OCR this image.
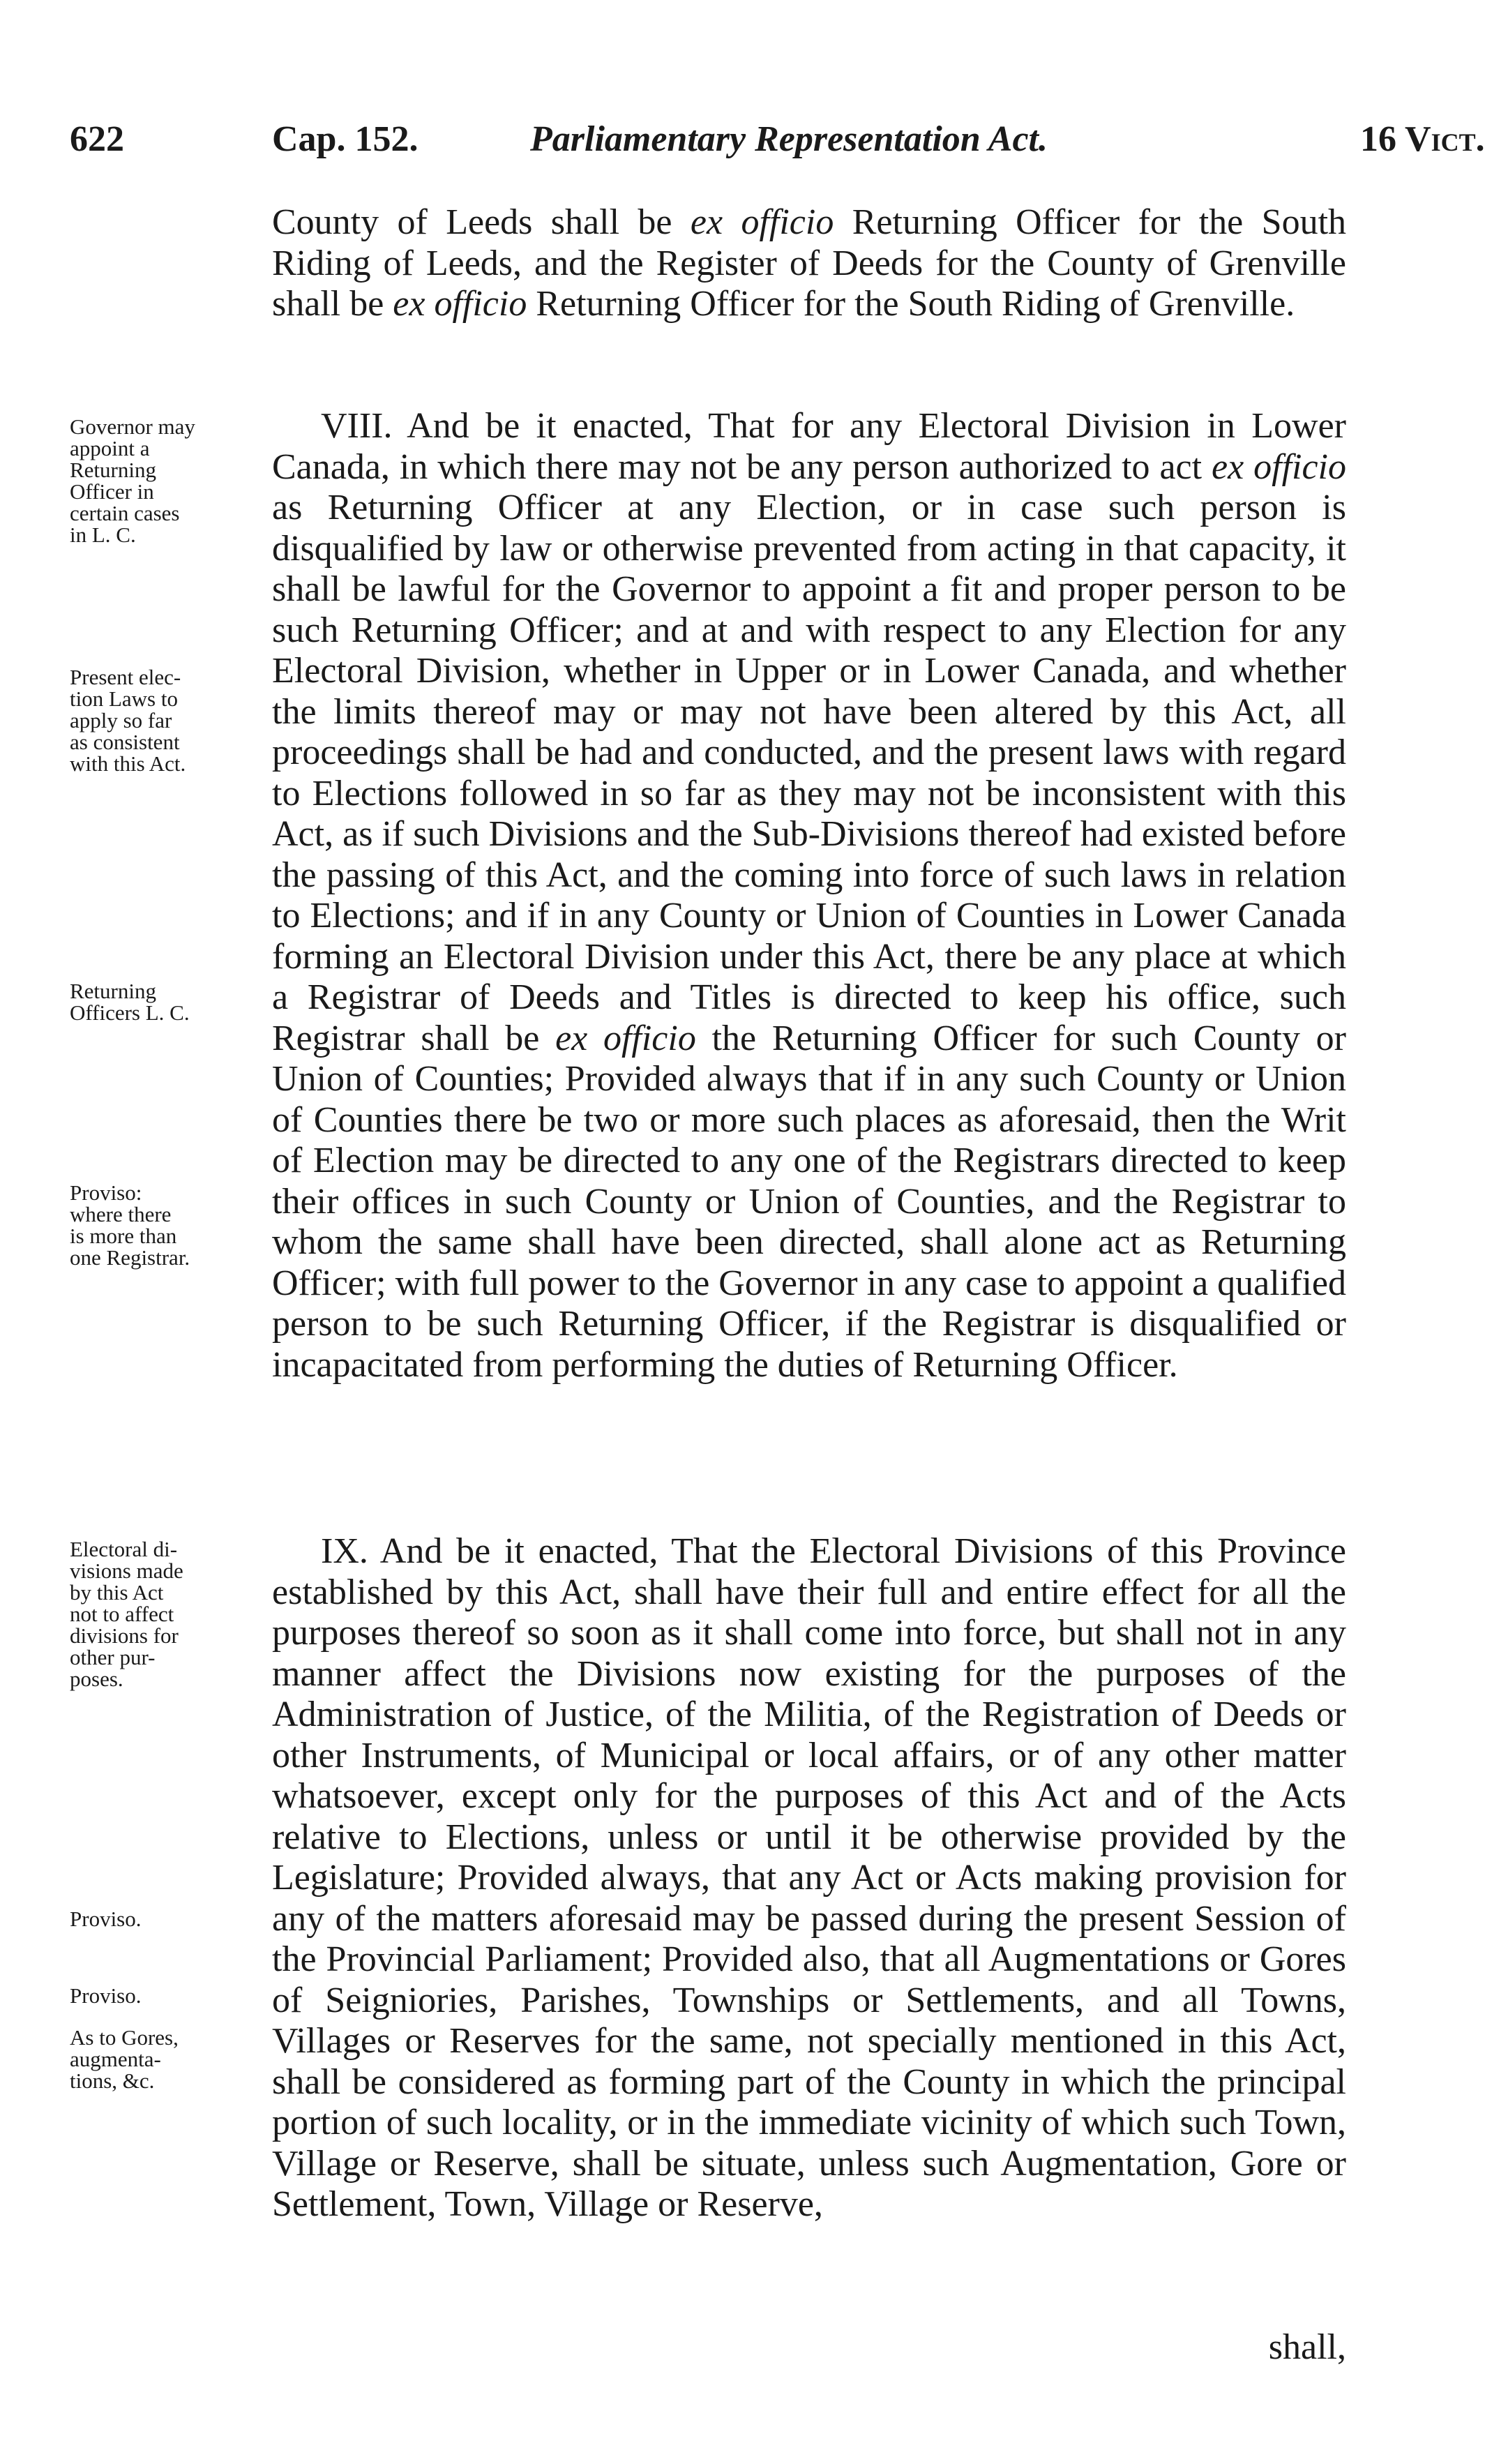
622	Cap. 152.	Parliamentary Representation Act.	16 Vict.

County of Leeds shall be ex officio Returning Officer for the South Riding of Leeds, and the Register of Deeds for the County of Grenville shall be ex officio Returning Officer for the South Riding of Grenville.

VIII. And be it enacted, That for any Electoral Division in Lower Canada, in which there may not be any person authorized to act ex officio as Returning Officer at any Election, or in case such person is disqualified by law or otherwise prevented from acting in that capacity, it shall be lawful for the Governor to appoint a fit and proper person to be such Returning Officer; and at and with respect to any Election for any Electoral Division, whether in Upper or in Lower Canada, and whether the limits thereof may or may not have been altered by this Act, all proceedings shall be had and conducted, and the present laws with regard to Elections followed in so far as they may not be inconsistent with this Act, as if such Divisions and the Sub-Divisions thereof had existed before the passing of this Act, and the coming into force of such laws in relation to Elections; and if in any County or Union of Counties in Lower Canada forming an Electoral Division under this Act, there be any place at which a Registrar of Deeds and Titles is directed to keep his office, such Registrar shall be ex officio the Returning Officer for such County or Union of Counties; Provided always that if in any such County or Union of Counties there be two or more such places as aforesaid, then the Writ of Election may be directed to any one of the Registrars directed to keep their offices in such County or Union of Counties, and the Registrar to whom the same shall have been directed, shall alone act as Returning Officer; with full power to the Governor in any case to appoint a qualified person to be such Returning Officer, if the Registrar is disqualified or incapacitated from performing the duties of Returning Officer.

IX. And be it enacted, That the Electoral Divisions of this Province established by this Act, shall have their full and entire effect for all the purposes thereof so soon as it shall come into force, but shall not in any manner affect the Divisions now existing for the purposes of the Administration of Justice, of the Militia, of the Registration of Deeds or other Instruments, of Municipal or local affairs, or of any other matter whatsoever, except only for the purposes of this Act and of the Acts relative to Elections, unless or until it be otherwise provided by the Legislature; Provided always, that any Act or Acts making provision for any of the matters aforesaid may be passed during the present Session of the Provincial Parliament; Provided also, that all Augmentations or Gores of Seigniories, Parishes, Townships or Settlements, and all Towns, Villages or Reserves for the same, not specially mentioned in this Act, shall be considered as forming part of the County in which the principal portion of such locality, or in the immediate vicinity of which such Town, Village or Reserve, shall be situate, unless such Augmentation, Gore or Settlement, Town, Village or Reserve,

shall,

Governor may
appoint a
Returning
Officer in
certain cases
in L. C.

Present elec-
tion Laws to
apply so far
as consistent
with this Act.

Returning
Officers L. C.

Proviso:
where there
is more than
one Registrar.

Electoral di-
visions made
by this Act
not to affect
divisions for
other pur-
poses.

Proviso.

Proviso.

As to Gores,
augmenta-
tions, &c.
